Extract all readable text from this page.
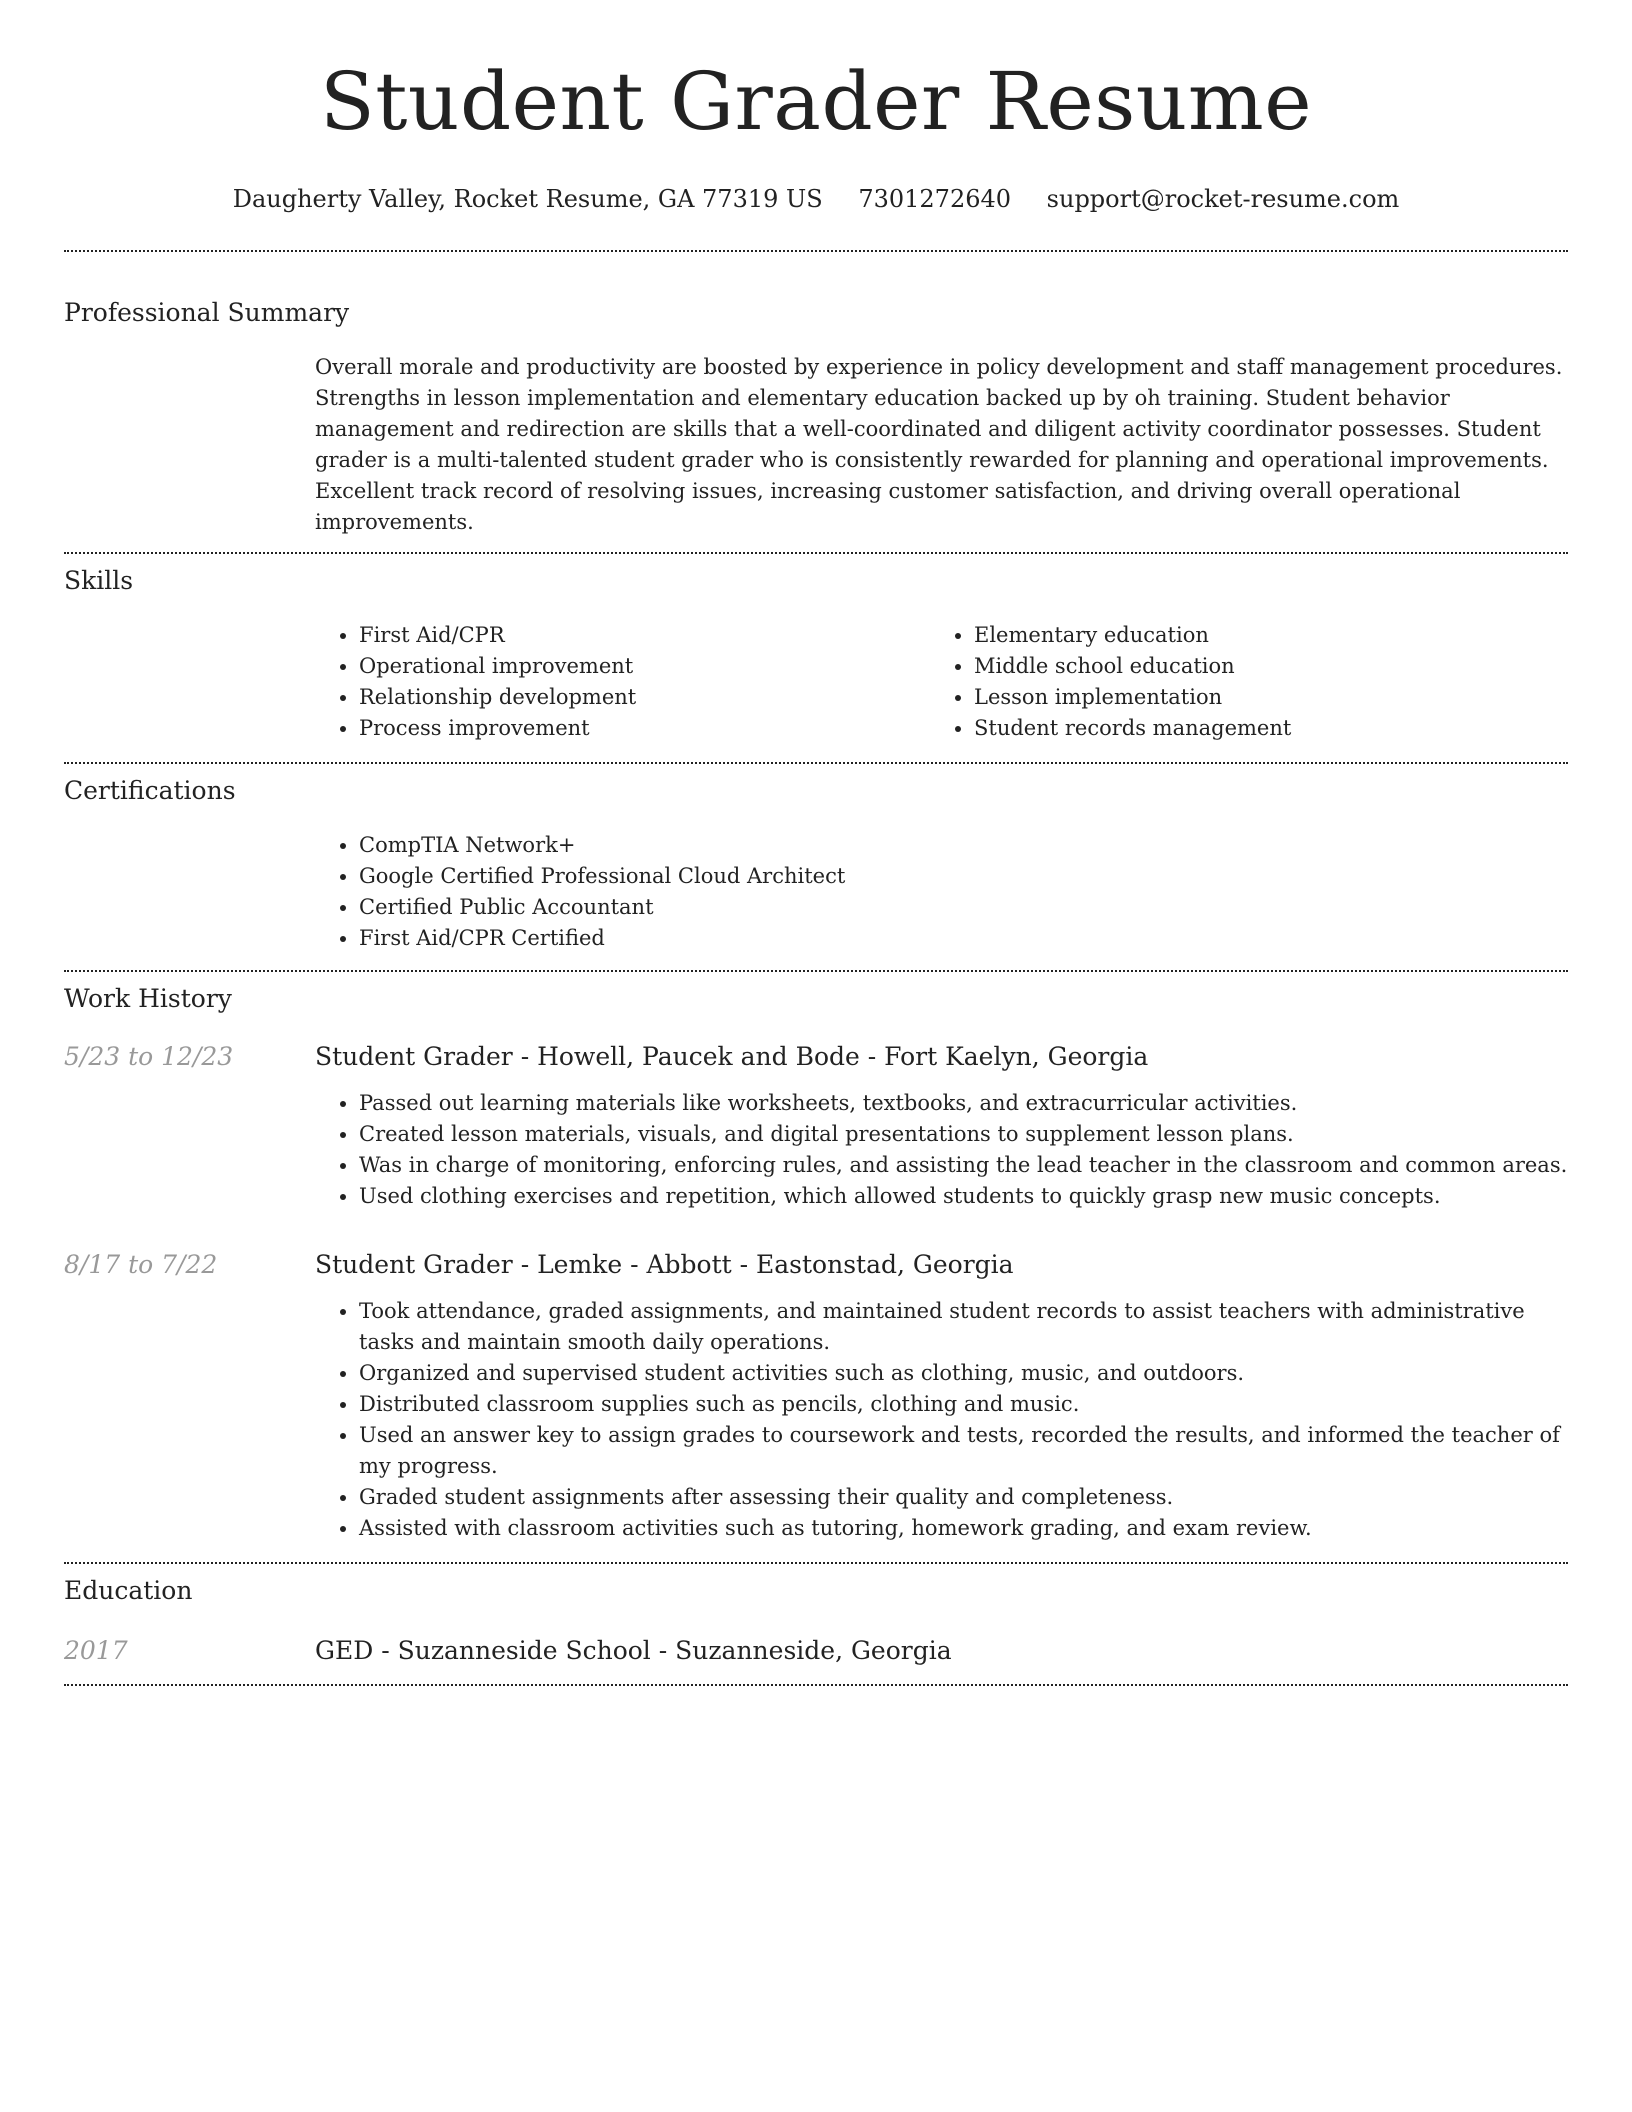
Student Grader Resume
Daugherty Valley, Rocket Resume, GA 77319 US 7301272640 support@rocket-resume.com
Professional Summary

Overall morale and productivity are boosted by experience in policy development and staff management procedures. Strengths in lesson implementation and elementary education backed up by oh training. Student behavior management and redirection are skills that a well-coordinated and diligent activity coordinator possesses. Student grader is a multi-talented student grader who is consistently rewarded for planning and operational improvements. Excellent track record of resolving issues, increasing customer satisfaction, and driving overall operational improvements.

Skills
• First Aid/CPR
• Operational improvement
• Relationship development
• Process improvement
• Elementary education
• Middle school education
• Lesson implementation
• Student records management
Certifications
• CompTIA Network+
• Google Certified Professional Cloud Architect
• Certified Public Accountant
• First Aid/CPR Certified
Work History
5/23 to 12/23	Student Grader - Howell, Paucek and Bode - Fort Kaelyn, Georgia
• Passed out learning materials like worksheets, textbooks, and extracurricular activities.
• Created lesson materials, visuals, and digital presentations to supplement lesson plans.
• Was in charge of monitoring, enforcing rules, and assisting the lead teacher in the classroom and common areas.
• Used clothing exercises and repetition, which allowed students to quickly grasp new music concepts.
8/17 to 7/22	Student Grader - Lemke - Abbott - Eastonstad, Georgia
• Took attendance, graded assignments, and maintained student records to assist teachers with administrative tasks and maintain smooth daily operations.
• Organized and supervised student activities such as clothing, music, and outdoors.
• Distributed classroom supplies such as pencils, clothing and music.
• Used an answer key to assign grades to coursework and tests, recorded the results, and informed the teacher of my progress.
• Graded student assignments after assessing their quality and completeness.
• Assisted with classroom activities such as tutoring, homework grading, and exam review.
Education
2017	GED - Suzanneside School - Suzanneside, Georgia
